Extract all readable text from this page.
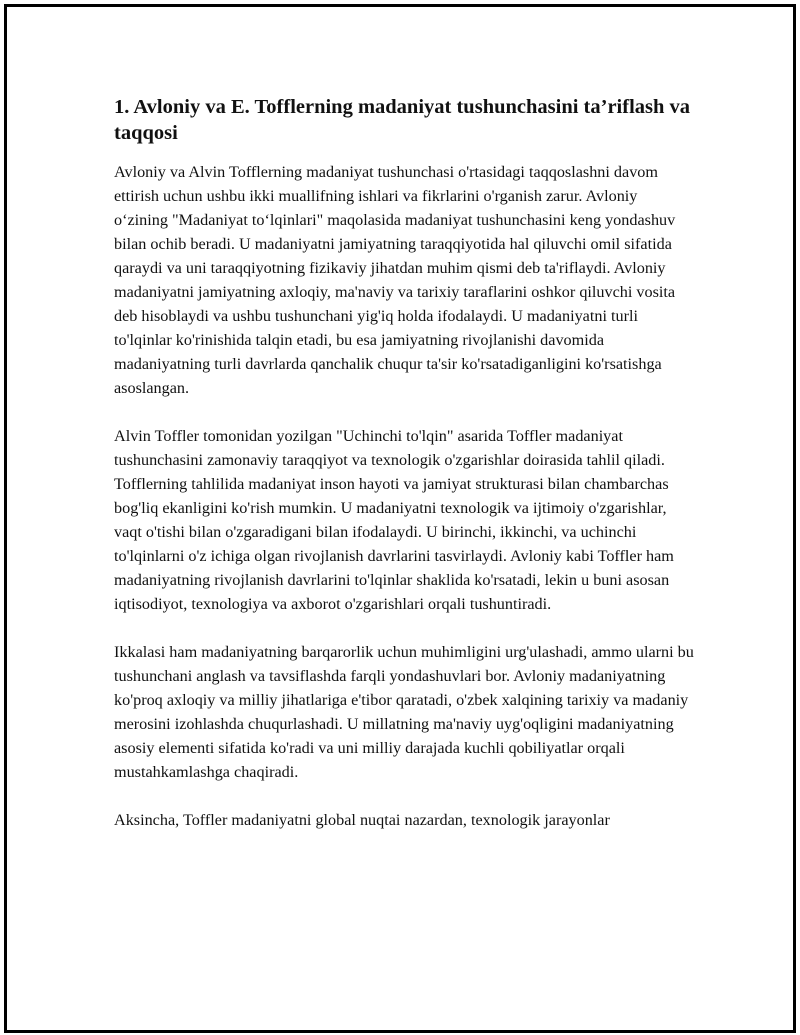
1. Avloniy va E. Tofflerning madaniyat tushunchasini ta’riflash va taqqosi

Avloniy va Alvin Tofflerning madaniyat tushunchasi o'rtasidagi taqqoslashni davom ettirish uchun ushbu ikki muallifning ishlari va fikrlarini o'rganish zarur. Avloniy o‘zining "Madaniyat to‘lqinlari" maqolasida madaniyat tushunchasini keng yondashuv bilan ochib beradi. U madaniyatni jamiyatning taraqqiyotida hal qiluvchi omil sifatida qaraydi va uni taraqqiyotning fizikaviy jihatdan muhim qismi deb ta'riflaydi. Avloniy madaniyatni jamiyatning axloqiy, ma'naviy va tarixiy taraflarini oshkor qiluvchi vosita deb hisoblaydi va ushbu tushunchani yig'iq holda ifodalaydi. U madaniyatni turli to'lqinlar ko'rinishida talqin etadi, bu esa jamiyatning rivojlanishi davomida madaniyatning turli davrlarda qanchalik chuqur ta'sir ko'rsatadiganligini ko'rsatishga asoslangan.

Alvin Toffler tomonidan yozilgan "Uchinchi to'lqin" asarida Toffler madaniyat tushunchasini zamonaviy taraqqiyot va texnologik o'zgarishlar doirasida tahlil qiladi. Tofflerning tahlilida madaniyat inson hayoti va jamiyat strukturasi bilan chambarchas bog'liq ekanligini ko'rish mumkin. U madaniyatni texnologik va ijtimoiy o'zgarishlar, vaqt o'tishi bilan o'zgaradigani bilan ifodalaydi. U birinchi, ikkinchi, va uchinchi to'lqinlarni o'z ichiga olgan rivojlanish davrlarini tasvirlaydi. Avloniy kabi Toffler ham madaniyatning rivojlanish davrlarini to'lqinlar shaklida ko'rsatadi, lekin u buni asosan iqtisodiyot, texnologiya va axborot o'zgarishlari orqali tushuntiradi.

Ikkalasi ham madaniyatning barqarorlik uchun muhimligini urg'ulashadi, ammo ularni bu tushunchani anglash va tavsiflashda farqli yondashuvlari bor. Avloniy madaniyatning ko'proq axloqiy va milliy jihatlariga e'tibor qaratadi, o'zbek xalqining tarixiy va madaniy merosini izohlashda chuqurlashadi. U millatning ma'naviy uyg'oqligini madaniyatning asosiy elementi sifatida ko'radi va uni milliy darajada kuchli qobiliyatlar orqali mustahkamlashga chaqiradi.

Aksincha, Toffler madaniyatni global nuqtai nazardan, texnologik jarayonlar
